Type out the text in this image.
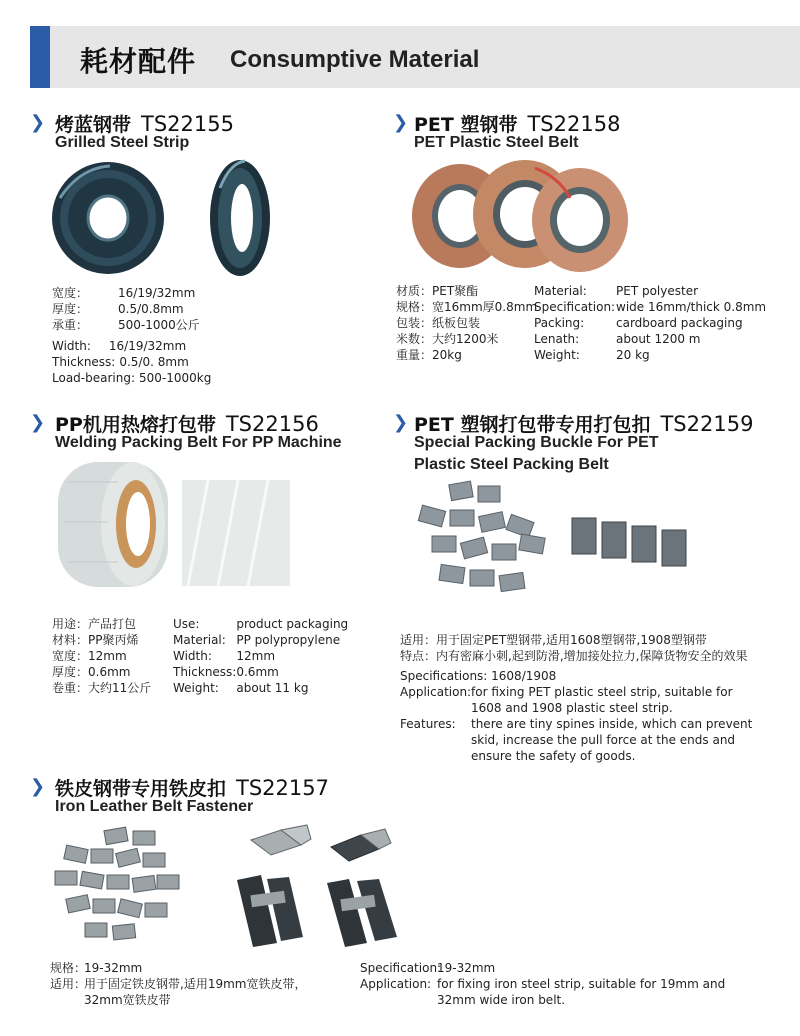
耗材配件 Consumptive Material
❯ 烤蓝钢带 TS22155
Grilled Steel Strip
宽度：	16/19/32mm
厚度：	0.5/0.8mm
承重：	500-1000公斤
Width: 16/19/32mm
Thickness: 0.5/0. 8mm
Load-bearing: 500-1000kg
❯ PET 塑钢带 TS22158
PET Plastic Steel Belt
材质：	PET聚酯
规格：	宽16mm厚0.8mm
包装：	纸板包装
米数：	大约1200米
重量：	20kg
Material:	PET polyester
Specification:	wide 16mm/thick 0.8mm
Packing:	cardboard packaging
Lenath:	about 1200 m
Weight:	20 kg
❯ PP机用热熔打包带 TS22156
Welding Packing Belt For PP Machine
用途：	产品打包
材料：	PP聚丙烯
宽度：	12mm
厚度：	0.6mm
卷重：	大约11公斤
Use:	product packaging
Material:	PP polypropylene
Width:	12mm
Thickness:	0.6mm
Weight:	about 11 kg
❯ PET 塑钢打包带专用打包扣 TS22159
Special Packing Buckle For PET
Plastic Steel Packing Belt
适用：用于固定PET塑钢带,适用1608塑钢带,1908塑钢带
特点：内有密麻小刺,起到防滑,增加接处拉力,保障货物安全的效果
Specifications: 1608/1908
Application:for fixing PET plastic steel strip, suitable for
1608 and 1908 plastic steel strip.
Features: there are tiny spines inside, which can prevent
skid, increase the pull force at the ends and
ensure the safety of goods.
❯ 铁皮钢带专用铁皮扣 TS22157
Iron Leather Belt Fastener
规格：19-32mm
适用：用于固定铁皮钢带,适用19mm宽铁皮带，
32mm宽铁皮带
Specification:19-32mm
Application: for fixing iron steel strip, suitable for 19mm and
32mm wide iron belt.
